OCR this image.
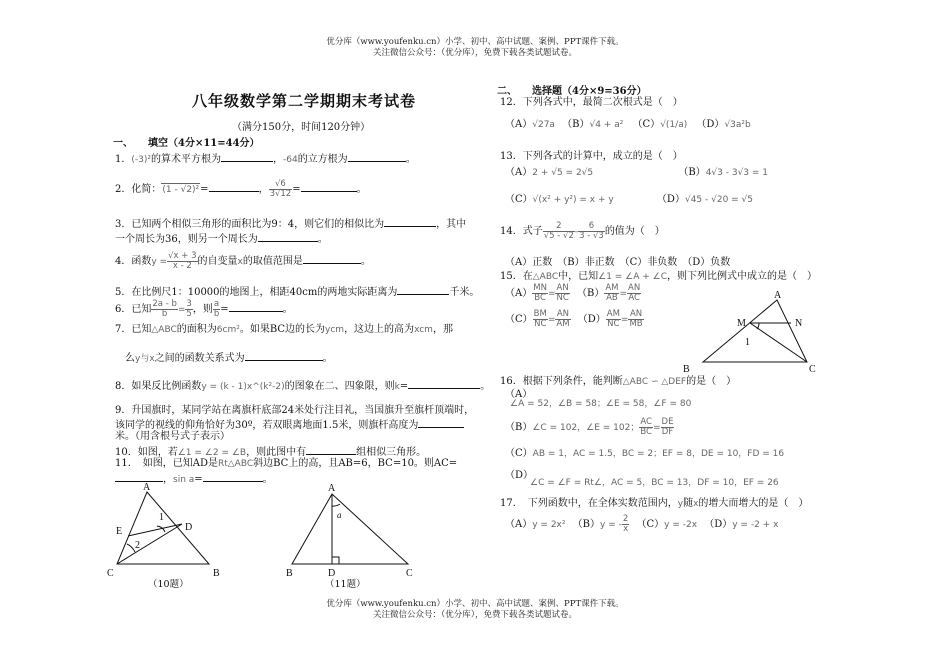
优分库（www.youfenku.cn）小学、初中、高中试题、案例、PPT课件下载。
关注微信公众号：（优分库），免费下载各类试题试卷。
八年级数学第二学期期末考试卷
（满分150分，时间120分钟）
一、　　填空（4分×11=44分）
1．(-3)²的算术平方根为	，-64的立方根为	。
2．化简：(1 - √2)²=	， $\frac{√6}{3√12}$ =	。
3．已知两个相似三角形的面积比为9：4，则它们的相似比为	，其中
一个周长为36，则另一个周长为	。
4．函数$y = \frac{√x + 3}{x - 2}$ 的自变量x的取值范围是	。
5．在比例尺1：10000的地图上，相距40cm的两地实际距离为	千米。
6．已知 $\frac{2a - b}{b} = \frac{3}{5}$ ，则 $\frac{a}{b}$ =	。
7．已知△ABC的面积为6cm²。如果BC边的长为ycm，这边上的高为xcm，那
么y与x之间的函数关系式为	。
8．如果反比例函数y = (k - 1)x^(k²-2)的图象在二、四象限，则k=	。
9．升国旗时，某同学站在离旗杆底部24米处行注目礼，当国旗升至旗杆顶端时，
该同学的视线的仰角恰好为30º，若双眼离地面1.5米，则旗杆高度为
米。（用含根号式子表示）
10．如图，若∠1 = ∠2 = ∠B，则此图中有	组相似三角形。
11．　如图，已知AD是Rt△ABC斜边BC上的高，且AB=6，BC=10。则AC=
，sin a=	。
A
C	B
E	D
1
2
（10题）
A
B	D	C
a
（11题）
二、　　选择题（4分×9=36分）
12．下列各式中，最简二次根式是（　）
（A）√27a （B）√4 + a² （C）√(1/a) （D）√3a²b
13．下列各式的计算中，成立的是（　）
（A）2 + √5 = 2√5	（B）4√3 - 3√3 = 1
（C）√(x² + y²) = x + y	（D）√45 - √20 = √5
14．式子 $\frac{2}{√5 - √2} - \frac{6}{3 - √3}$ 的值为（　）
（A）正数　（B）非正数　（C）非负数　（D）负数
15．在△ABC中，已知∠1 = ∠A + ∠C，则下列比例式中成立的是（　）
$(A) \frac{MN}{BC} = \frac{AN}{NC} (B) \frac{AM}{AB} = \frac{AN}{AC}$
$(C) \frac{BM}{NC} = \frac{AN}{AM} (D) \frac{AM}{NC} = \frac{AN}{MB}$
A
M	N
1
B	C
16．根据下列条件，能判断△ABC ∽ △DEF的是（　）
（A）
∠A = 52，∠B = 58；∠E = 58，∠F = 80
（B）∠C = 102，∠E = 102； $\frac{AC}{BC} = \frac{DE}{DF}$
（C）AB = 1，AC = 1.5，BC = 2；EF = 8，DE = 10，FD = 16
（D）
∠C = ∠F = Rt∠，AC = 5，BC = 13，DF = 10，EF = 26
17．　下列函数中，在全体实数范围内，y随x的增大而增大的是（　）
（A）y = 2x² （B）y = - $\frac{2}{x} (C)y = -2x$ （D）y = -2 + x
优分库（www.youfenku.cn）小学、初中、高中试题、案例、PPT课件下载。
关注微信公众号：（优分库），免费下载各类试题试卷。
